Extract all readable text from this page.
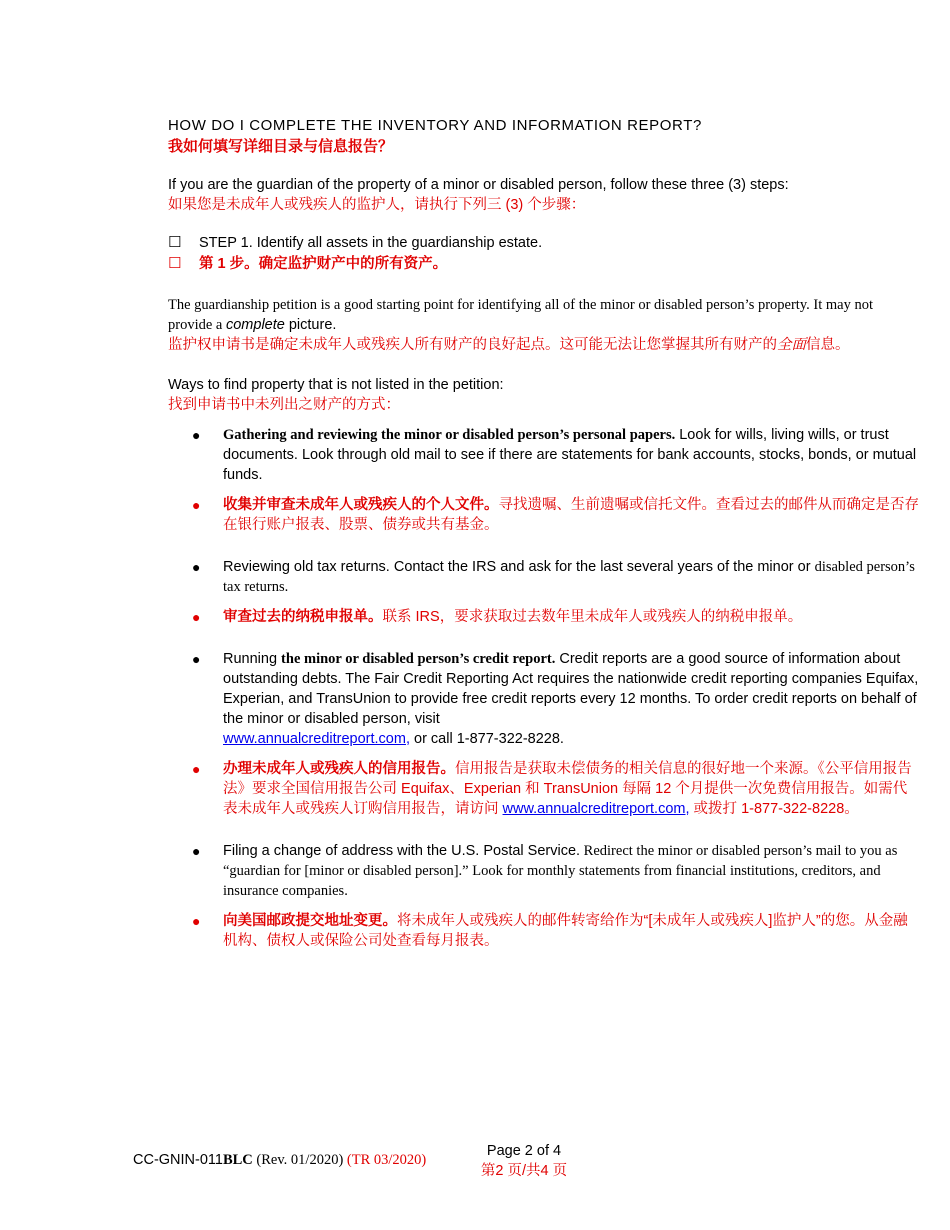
HOW DO I COMPLETE THE INVENTORY AND INFORMATION REPORT?
我如何填写详细目录与信息报告？
If you are the guardian of the property of a minor or disabled person, follow these three (3) steps:
如果您是未成年人或残疾人的监护人，请执行下列三 (3) 个步骤：
☐	STEP 1. Identify all assets in the guardianship estate.
☐	第 1 步。确定监护财产中的所有资产。
The guardianship petition is a good starting point for identifying all of the minor or disabled person’s property. It may not provide a complete picture.
监护权申请书是确定未成年人或残疾人所有财产的良好起点。这可能无法让您掌握其所有财产的全面信息。
Ways to find property that is not listed in the petition:
找到申请书中未列出之财产的方式：
●	Gathering and reviewing the minor or disabled person’s personal papers. Look for wills, living wills, or trust documents. Look through old mail to see if there are statements for bank accounts, stocks, bonds, or mutual funds.
●	收集并审查未成年人或残疾人的个人文件。寻找遗嘱、生前遗嘱或信托文件。查看过去的邮件从而确定是否存在银行账户报表、股票、债券或共有基金。
●	Reviewing old tax returns. Contact the IRS and ask for the last several years of the minor or disabled person’s tax returns.
●	审查过去的纳税申报单。联系 IRS，要求获取过去数年里未成年人或残疾人的纳税申报单。
●	Running the minor or disabled person’s credit report. Credit reports are a good source of information about outstanding debts. The Fair Credit Reporting Act requires the nationwide credit reporting companies Equifax, Experian, and TransUnion to provide free credit reports every 12 months. To order credit reports on behalf of the minor or disabled person, visit
www.annualcreditreport.com, or call 1-877-322-8228.
●	办理未成年人或残疾人的信用报告。信用报告是获取未偿债务的相关信息的很好地一个来源。《公平信用报告法》要求全国信用报告公司 Equifax、Experian 和 TransUnion 每隔 12 个月提供一次免费信用报告。如需代表未成年人或残疾人订购信用报告，请访问 www.annualcreditreport.com, 或拨打 1-877-322-8228。
●	Filing a change of address with the U.S. Postal Service. Redirect the minor or disabled person’s mail to you as “guardian for [minor or disabled person].” Look for monthly statements from financial institutions, creditors, and insurance companies.
●	向美国邮政提交地址变更。将未成年人或残疾人的邮件转寄给作为“[未成年人或残疾人]监护人”的您。从金融机构、债权人或保险公司处查看每月报表。
CC-GNIN-011BLC (Rev. 01/2020) (TR 03/2020)
Page 2 of 4
第2 页/共4 页
